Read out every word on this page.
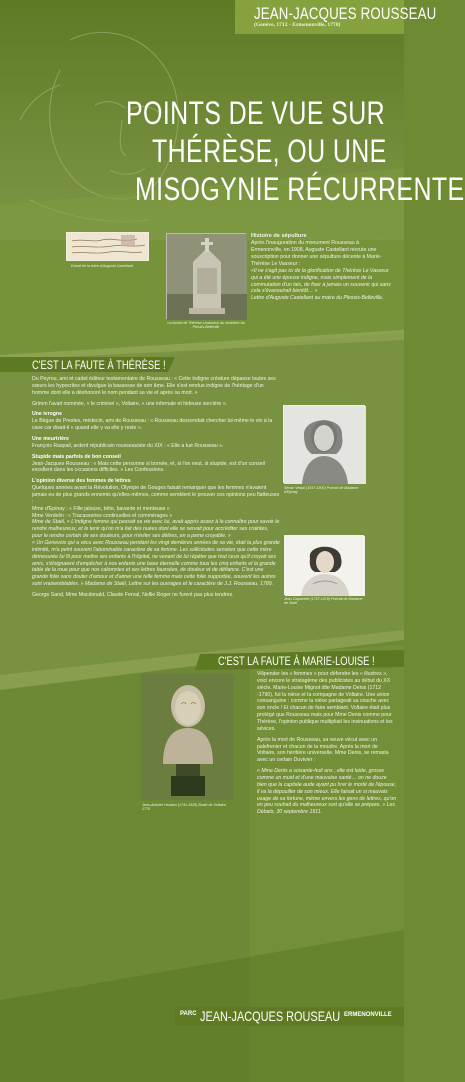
JEAN-JACQUES ROUSSEAU
(Genève, 1712 - Ermenonville, 1778)
POINTS DE VUE SUR
THÉRÈSE, OU UNE
MISOGYNIE RÉCURRENTE
Extrait de la lettre d'Auguste Castellant
La tombe de Thérèse Levasseur au cimetière du Plessis-Belleville
Histoire de sépulture
Après l'inauguration du monument Rousseau à Ermenonville, en 1908, Auguste Castellant recrute une souscription pour donner une sépulture décente à Marie-Thérèse Le Vasseur :
«Il ne s'agit pas ici de la glorification de Thérèse Le Vasseur qui a été une épouse indigne, mais simplement de la commutation d'un lais, de fixer à jamais un souvenir qui sans cela s'évanouirait bientôt… »
Lettre d'Auguste Castellant au maire du Plessis-Belleville.
C'EST LA FAUTE À THÉRÈSE !
Du Peyrou, ami et cadet éditeur testamentaire de Rousseau : « Cette indigne créature dépasse toutes ses sœurs les hypocrites et divulgue la bassesse de son âme. Elle s'est rendue indigne de l'héritage d'un homme dont elle a déshonoré le nom pendant sa vie et après sa mort. »
Grimm l'avait nommée, « le criminel », Voltaire, « une infernale et hideuse sorcière ».
Une ivrogne
Le Bègue de Presles, médecin, ami de Rousseau : « Rousseau descendait chercher lui-même le vin à la cave car disait-il « quand elle y va elle y reste ».
Une meurtrière
François Raspail, ardent républicain rousseauiste du XIX : « Elle a tué Rousseau ».
Stupide mais parfois de bon conseil
Jean-Jacques Rousseau : « Mais cette personne si bornée, et, si l'on veut, si stupide, est d'un conseil excellent dans les occasions difficiles. » Les Confessions.
L'opinion diverse des femmes de lettres
Quelques années avant la Révolution, Olympe de Gouges faisait remarquer que les femmes n'avaient jamais eu de plus grands ennemis qu'elles-mêmes, comme semblent le prouver ces opinions peu flatteuses :
Mme d'Epinay : « Fille jalouse, bête, bavarde et menteuse »
Mme Verdelin : « Tracasseries continuelles et commérages »
Mme de Staël, « L'indigne femme qui passait sa vie avec lui, avait appris assez à le connaître pour savoir le rendre malheureux, et le tenir qu'on m'a fait des nuées dont elle se servait pour accréditer ses craintes, pour le rendre certain de ses douleurs, pour n'éviter ses délires, en a peine croyable. »
« Un Genevois qui a vécu avec Rousseau pendant les vingt dernières années de sa vie, était la plus grande intimité, m'a peint souvent l'abominable caractère de sa femme. Les sollicitudes sensées que cette mère démesurée lui fit pour mettre ses enfants à l'hôpital, ne venant de lui répéter que tout ceux qu'il croyait ses amis, s'éloignaient d'empêcher à nos enfants une base éternelle comme tous les cinq enfants et la grande table de la roue pour que nos calomnies et ses lettres faussées, de douleur et de défiance. C'est une grande folie sans douter d'amour et d'aimer une telle femme mais cette folie supportée, souvent les autres sont vraisemblables. » Madame de Staël, Lettre sur les ouvrages et le caractère de J.J. Rousseau, 1789.
George Sand, Mme Macdonald, Claude Ferval, Nellie Roger ne furent pas plus tendres.
Sénac Vestal (1817-1900) Portrait de Madame d'Epinay
Jean Claparède (1797-1878) Portrait de Madame de Staël
C'EST LA FAUTE À MARIE-LOUISE !
Jean-Antoine Houdon (1741-1828) Buste de Voltaire, 1778
Vilipender les « femmes » pour défendre les « illustres », voici encore le stratagème des publicistes au début du XX siècle. Marie-Louise Mignot dite Madame Denis (1712 -1790), fut la nièce et la compagne de Voltaire. Une union consanguine : comme la nièce partageait sa couche avec son oncle ! Et chacun de faire semblant. Voltaire était plus protégé que Rousseau mais pour Mme Denis comme pour Thérèse, l'opinion publique multipliait les insinuations et les sévices.
Après la mort de Rousseau, sa veuve vécut avec un palefrenier et chacun de la moudre. Après la mort de Voltaire, son héritière universelle, Mme Denis, se remaria avec un certain Duvivier :
« Mme Denis a soixante-huit ans ; elle est laide, grosse comme un muid et d'une mauvaise santé… on ne douze bien que la capitale aude ayant pu hrer le morté de l'épouse, il va la dépouiller de son mieux. Elle faisait un si mauvais usage de sa fortune, même envers les gens de lettres, qu'on en peu souhait du malheureux sort qu'elle se prépare. » Les Débats, 30 septembre 1911.
PARC JEAN-JACQUES ROUSEAU ERMENONVILLE
